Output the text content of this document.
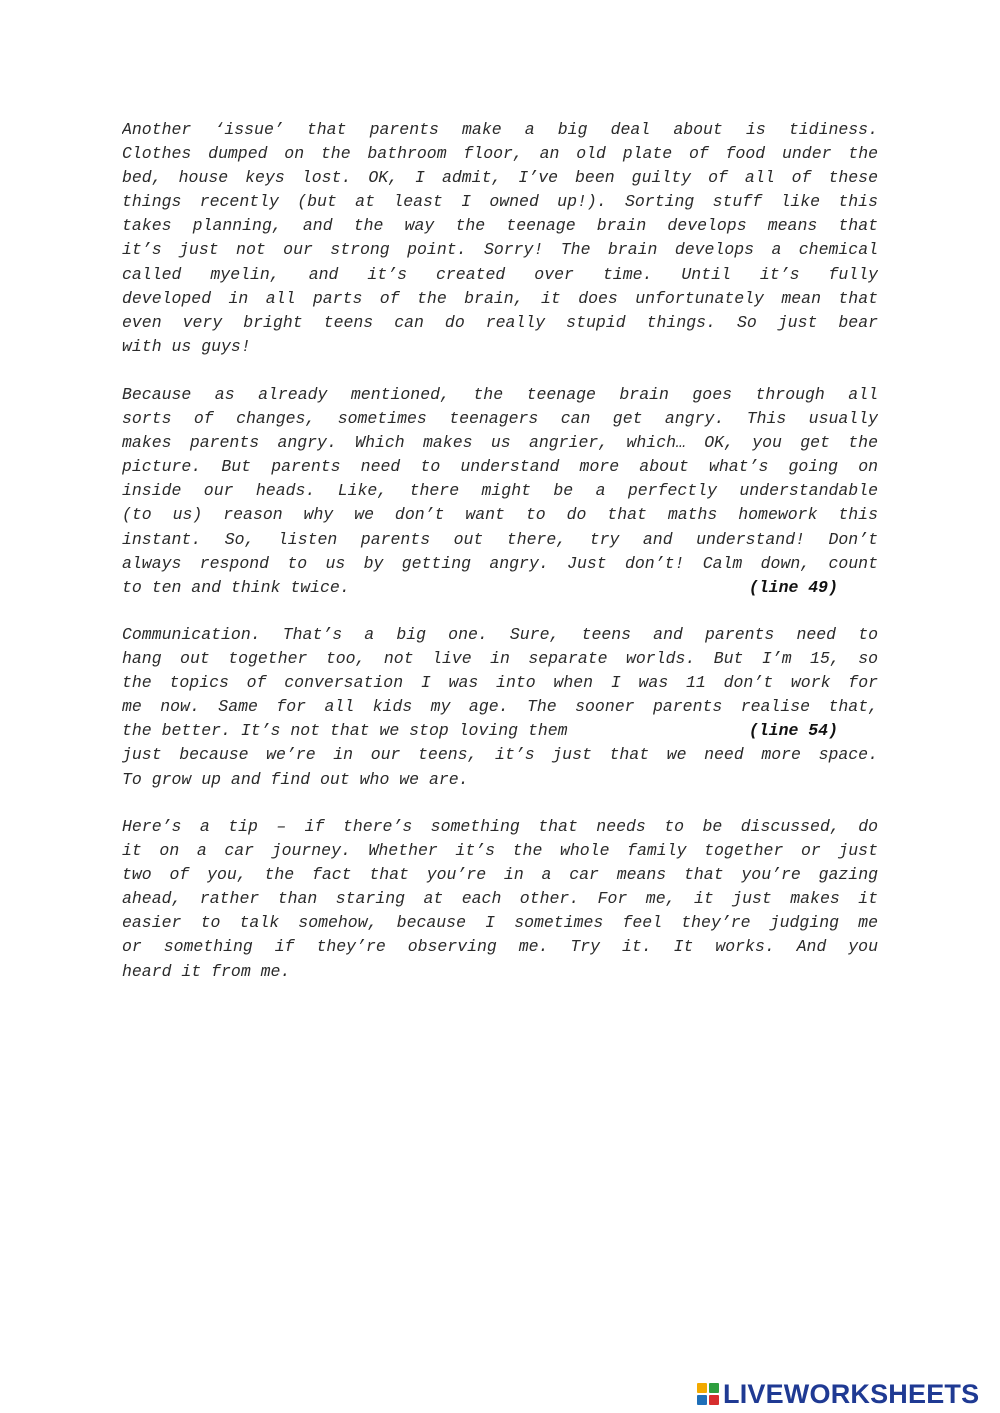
Another ‘issue’ that parents make a big deal about is tidiness.
Clothes dumped on the bathroom floor, an old plate of food under the
bed, house keys lost. OK, I admit, I’ve been guilty of all of these
things recently (but at least I owned up!). Sorting stuff like this
takes planning, and the way the teenage brain develops means that
it’s just not our strong point. Sorry! The brain develops a chemical
called myelin, and it’s created over time. Until it’s fully
developed in all parts of the brain, it does unfortunately mean that
even very bright teens can do really stupid things. So just bear
with us guys!
Because as already mentioned, the teenage brain goes through all
sorts of changes, sometimes teenagers can get angry. This usually
makes parents angry. Which makes us angrier, which… OK, you get the
picture. But parents need to understand more about what’s going on
inside our heads. Like, there might be a perfectly understandable
(to us) reason why we don’t want to do that maths homework this
instant. So, listen parents out there, try and understand! Don’t
always respond to us by getting angry. Just don’t! Calm down, count
to ten and think twice.	(line 49)
Communication. That’s a big one. Sure, teens and parents need to
hang out together too, not live in separate worlds. But I’m 15, so
the topics of conversation I was into when I was 11 don’t work for
me now. Same for all kids my age. The sooner parents realise that,
the better. It’s not that we stop loving them	(line 54)
just because we’re in our teens, it’s just that we need more space.
To grow up and find out who we are.
Here’s a tip – if there’s something that needs to be discussed, do
it on a car journey. Whether it’s the whole family together or just
two of you, the fact that you’re in a car means that you’re gazing
ahead, rather than staring at each other. For me, it just makes it
easier to talk somehow, because I sometimes feel they’re judging me
or something if they’re observing me. Try it. It works. And you
heard it from me.
LIVEWORKSHEETS
